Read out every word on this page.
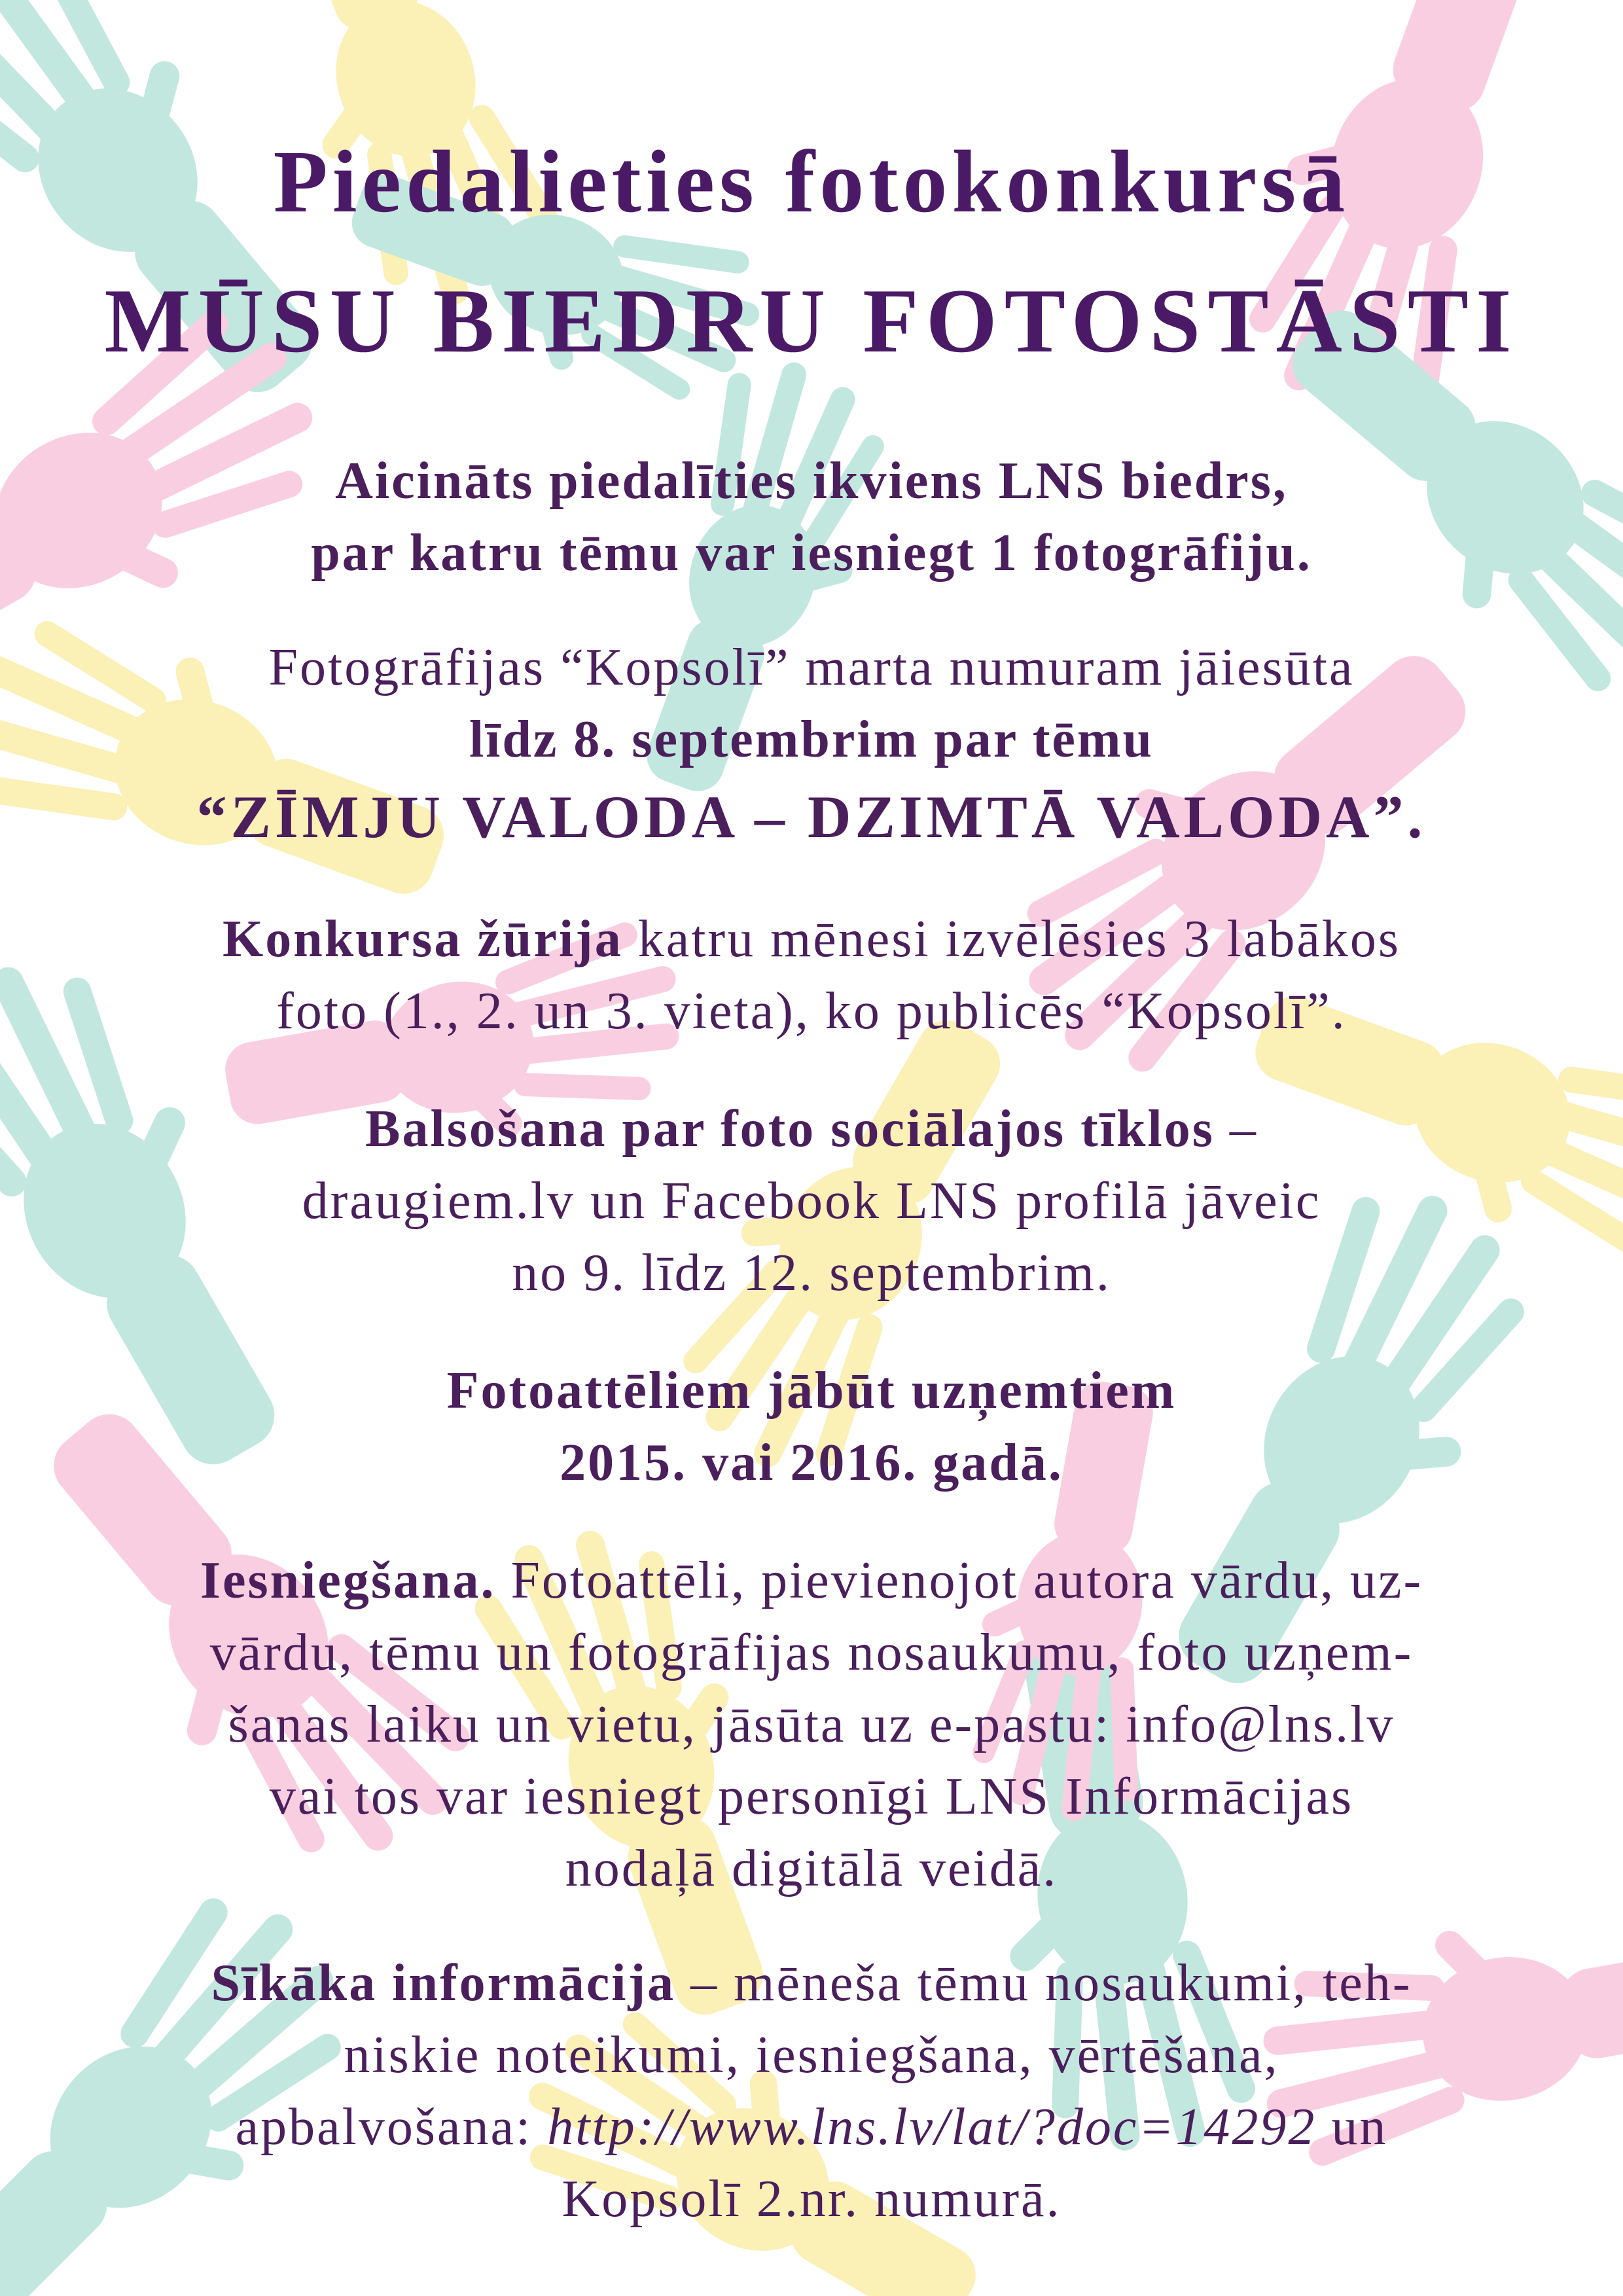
Piedalieties fotokonkursā
MŪSU BIEDRU FOTOSTĀSTI
Aicināts piedalīties ikviens LNS biedrs,
par katru tēmu var iesniegt 1 fotogrāfiju.
Fotogrāfijas “Kopsolī” marta numuram jāiesūta
līdz 8. septembrim par tēmu
“ZĪMJU VALODA – DZIMTĀ VALODA”.
Konkursa žūrija katru mēnesi izvēlēsies 3 labākos
foto (1., 2. un 3. vieta), ko publicēs “Kopsolī”.
Balsošana par foto sociālajos tīklos –
draugiem.lv un Facebook LNS profilā jāveic
no 9. līdz 12. septembrim.
Fotoattēliem jābūt uzņemtiem
2015. vai 2016. gadā.
Iesniegšana. Fotoattēli, pievienojot autora vārdu, uz-
vārdu, tēmu un fotogrāfijas nosaukumu, foto uzņem-
šanas laiku un vietu, jāsūta uz e-pastu: info@lns.lv
vai tos var iesniegt personīgi LNS Informācijas
nodaļā digitālā veidā.
Sīkāka informācija – mēneša tēmu nosaukumi, teh-
niskie noteikumi, iesniegšana, vērtēšana,
apbalvošana: http://www.lns.lv/lat/?doc=14292 un
Kopsolī 2.nr. numurā.
